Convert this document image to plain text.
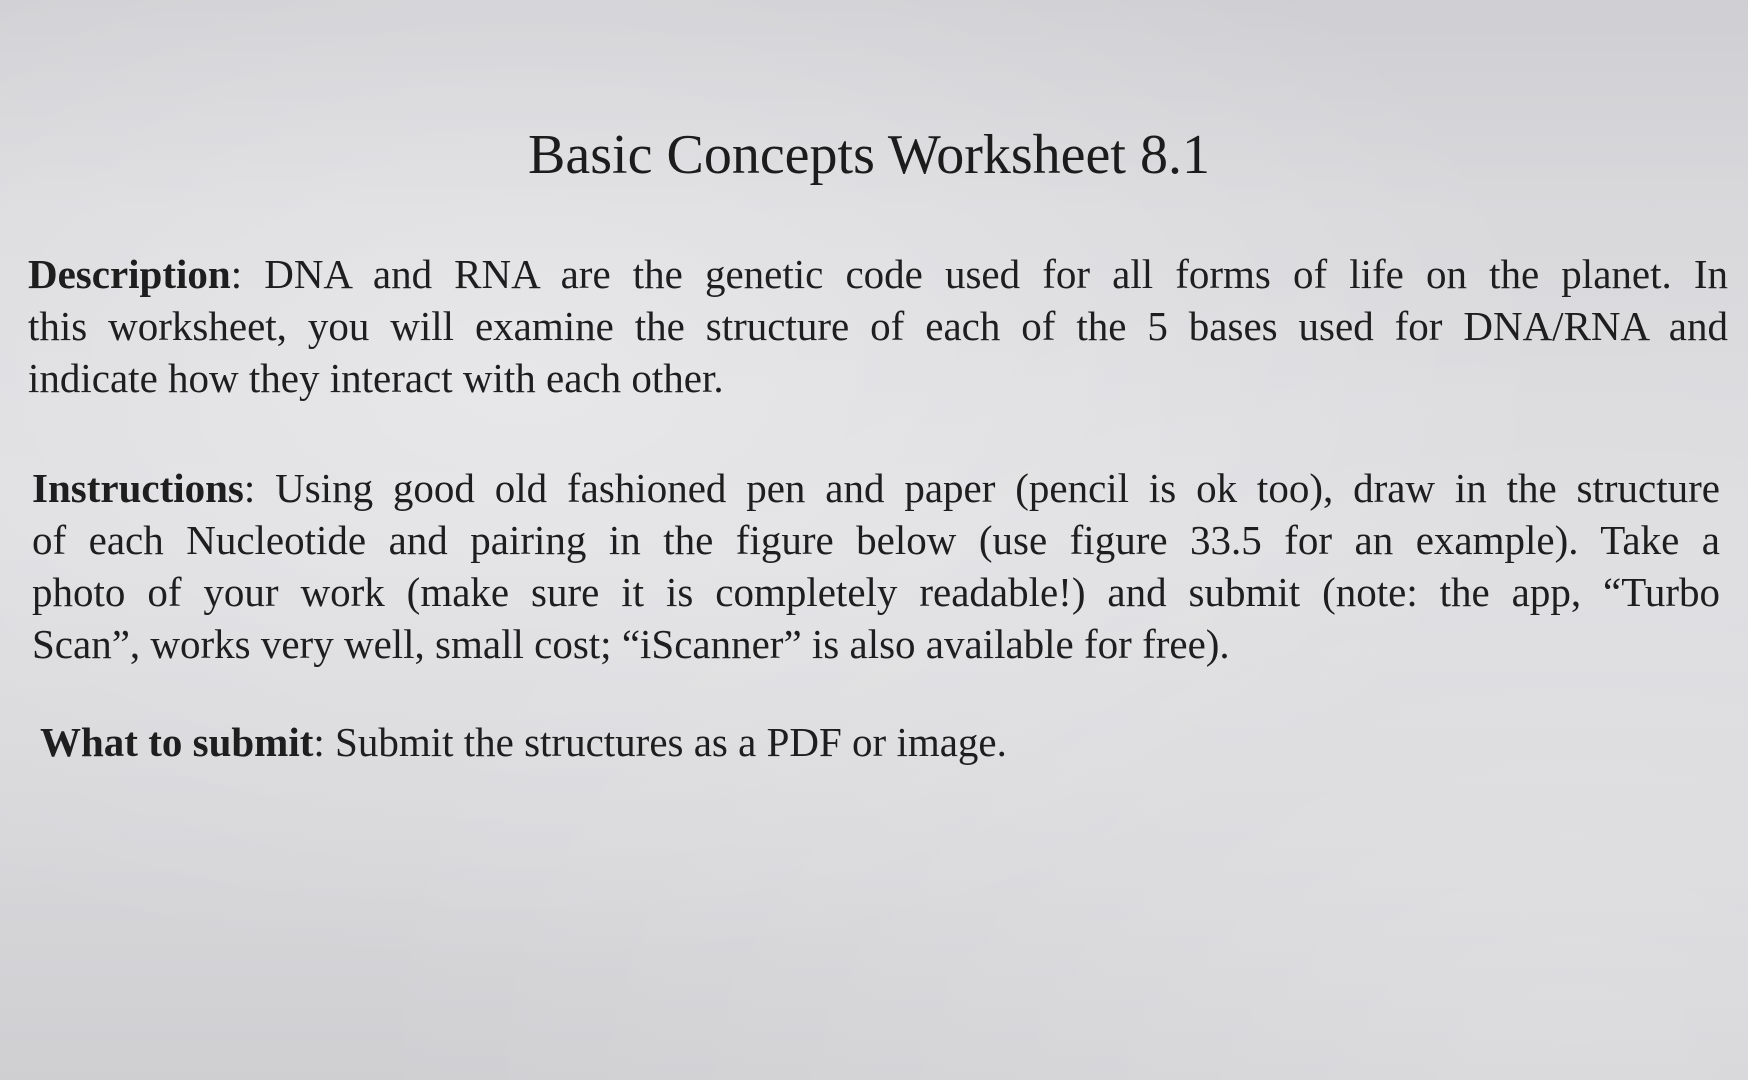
Basic Concepts Worksheet 8.1
Description: DNA and RNA are the genetic code used for all forms of life on the planet. In
this worksheet, you will examine the structure of each of the 5 bases used for DNA/RNA and
indicate how they interact with each other.
Instructions: Using good old fashioned pen and paper (pencil is ok too), draw in the structure
of each Nucleotide and pairing in the figure below (use figure 33.5 for an example). Take a
photo of your work (make sure it is completely readable!) and submit (note: the app, “Turbo
Scan”, works very well, small cost; “iScanner” is also available for free).
What to submit: Submit the structures as a PDF or image.
